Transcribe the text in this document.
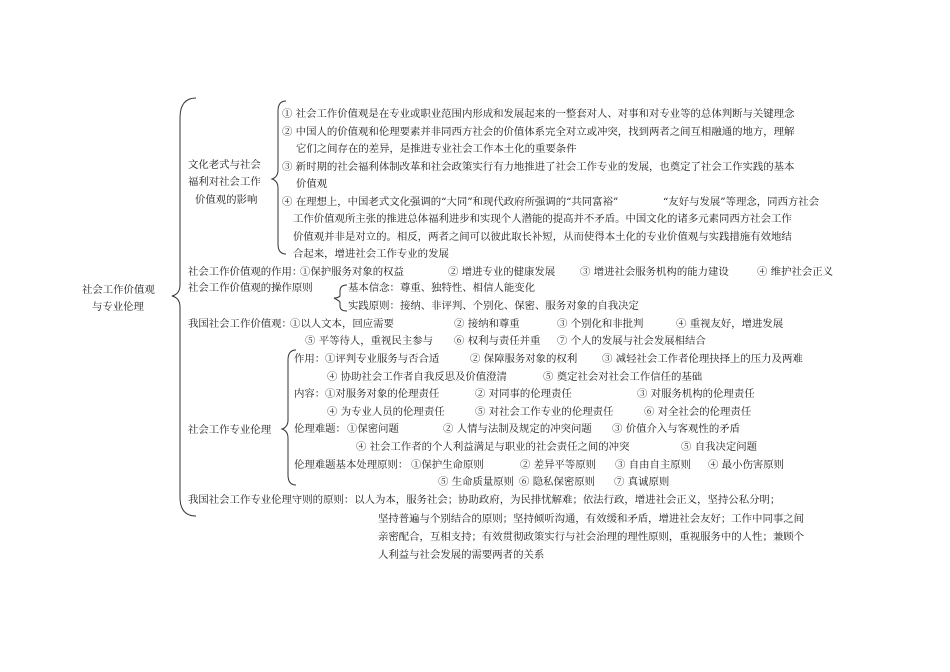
社会工作价值观
与专业伦理
文化老式与社会
福利对社会工作
价值观的影响
① 社会工作价值观是在专业或职业范围内形成和发展起来的一整套对人、对事和对专业等的总体判断与关键理念
② 中国人的价值观和伦理要素并非同西方社会的价值体系完全对立或冲突，找到两者之间互相融通的地方，理解
它们之间存在的差异，是推进专业社会工作本土化的重要条件
③ 新时期的社会福利体制改革和社会政策实行有力地推进了社会工作专业的发展，也奠定了社会工作实践的基本
价值观
④ 在理想上，中国老式文化强调的“大同”和现代政府所强调的“共同富裕”	“友好与发展”等理念，同西方社会
工作价值观所主张的推进总体福利进步和实现个人潜能的提高并不矛盾。中国文化的诸多元素同西方社会工作
价值观并非是对立的。相反，两者之间可以彼此取长补短，从而使得本土化的专业价值观与实践措施有效地结
合起来，增进社会工作专业的发展
社会工作价值观的作用：
①保护服务对象的权益	② 增进专业的健康发展 ③ 增进社会服务机构的能力建设	④ 维护社会正义
社会工作价值观的操作原则	基本信念：尊重、独特性、相信人能变化
实践原则：接纳、非评判、个别化、保密、服务对象的自我决定
我国社会工作价值观：
①以人文本，回应需要	② 接纳和尊重	③ 个别化和非批判	④ 重视友好，增进发展
⑤ 平等待人，重视民主参与 ⑥ 权利与责任并重 ⑦ 个人的发展与社会发展相结合
社会工作专业伦理
作用： ①评判专业服务与否合适	② 保障服务对象的权利 ③ 减轻社会工作者伦理抉择上的压力及两难
④ 协助社会工作者自我反思及价值澄清	⑤ 奠定社会对社会工作信任的基础
内容： ①对服务对象的伦理责任	② 对同事的伦理责任	③ 对服务机构的伦理责任
④ 为专业人员的伦理责任	⑤ 对社会工作专业的伦理责任	⑥ 对全社会的伦理责任
伦理难题： ①保密问题	② 人情与法制及规定的冲突问题 ③ 价值介入与客观性的矛盾
④ 社会工作者的个人利益满足与职业的社会责任之间的冲突	⑤ 自我决定问题
伦理难题基本处理原则： ①保护生命原则	② 差异平等原则 ③ 自由自主原则 ④ 最小伤害原则
⑤ 生命质量原则 ⑥ 隐私保密原则 ⑦ 真诚原则
我国社会工作专业伦理守则的原则：以人为本，服务社会；协助政府，为民排忧解难；依法行政，增进社会正义，坚持公私分明；
坚持普遍与个别结合的原则；坚持倾听沟通，有效缓和矛盾，增进社会友好；工作中同事之间
亲密配合，互相支持；有效贯彻政策实行与社会治理的理性原则，重视服务中的人性；兼顾个
人利益与社会发展的需要两者的关系
